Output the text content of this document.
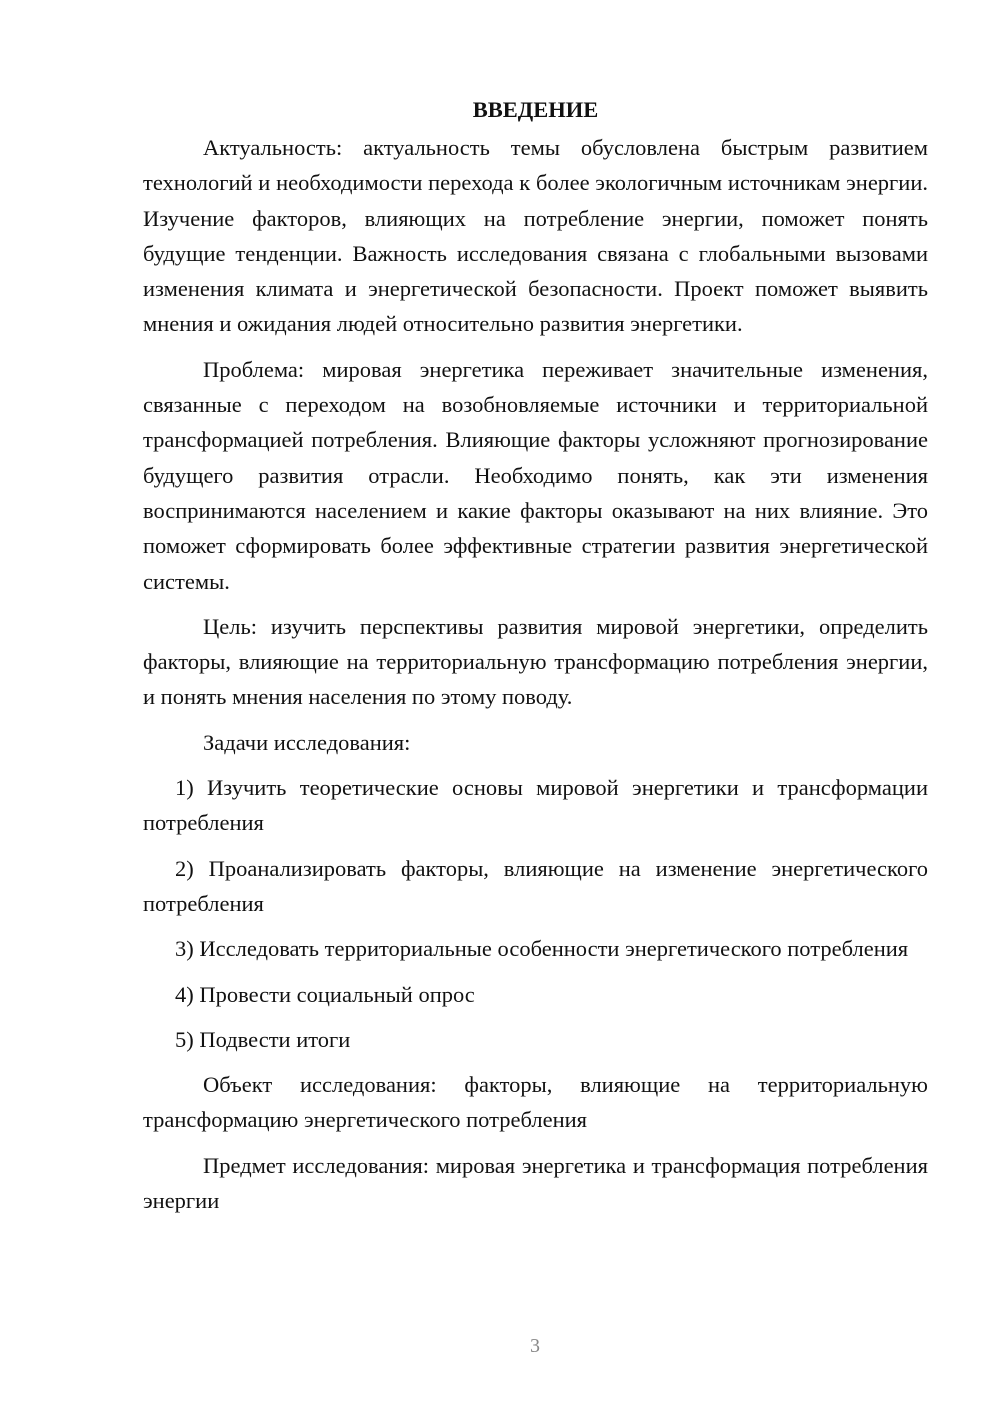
ВВЕДЕНИЕ

Актуальность: актуальность темы обусловлена быстрым развитием технологий и необходимости перехода к более экологичным источникам энергии. Изучение факторов, влияющих на потребление энергии, поможет понять будущие тенденции. Важность исследования связана с глобальными вызовами изменения климата и энергетической безопасности. Проект поможет выявить мнения и ожидания людей относительно развития энергетики.

Проблема: мировая энергетика переживает значительные изменения, связанные с переходом на возобновляемые источники и территориальной трансформацией потребления. Влияющие факторы усложняют прогнозирование будущего развития отрасли. Необходимо понять, как эти изменения воспринимаются населением и какие факторы оказывают на них влияние. Это поможет сформировать более эффективные стратегии развития энергетической системы.

Цель: изучить перспективы развития мировой энергетики, определить факторы, влияющие на территориальную трансформацию потребления энергии, и понять мнения населения по этому поводу.

Задачи исследования:

1) Изучить теоретические основы мировой энергетики и трансформации потребления

2) Проанализировать факторы, влияющие на изменение энергетического потребления

3) Исследовать территориальные особенности энергетического потребления

4) Провести социальный опрос

5) Подвести итоги

Объект исследования: факторы, влияющие на территориальную трансформацию энергетического потребления

Предмет исследования: мировая энергетика и трансформация потребления энергии

3
